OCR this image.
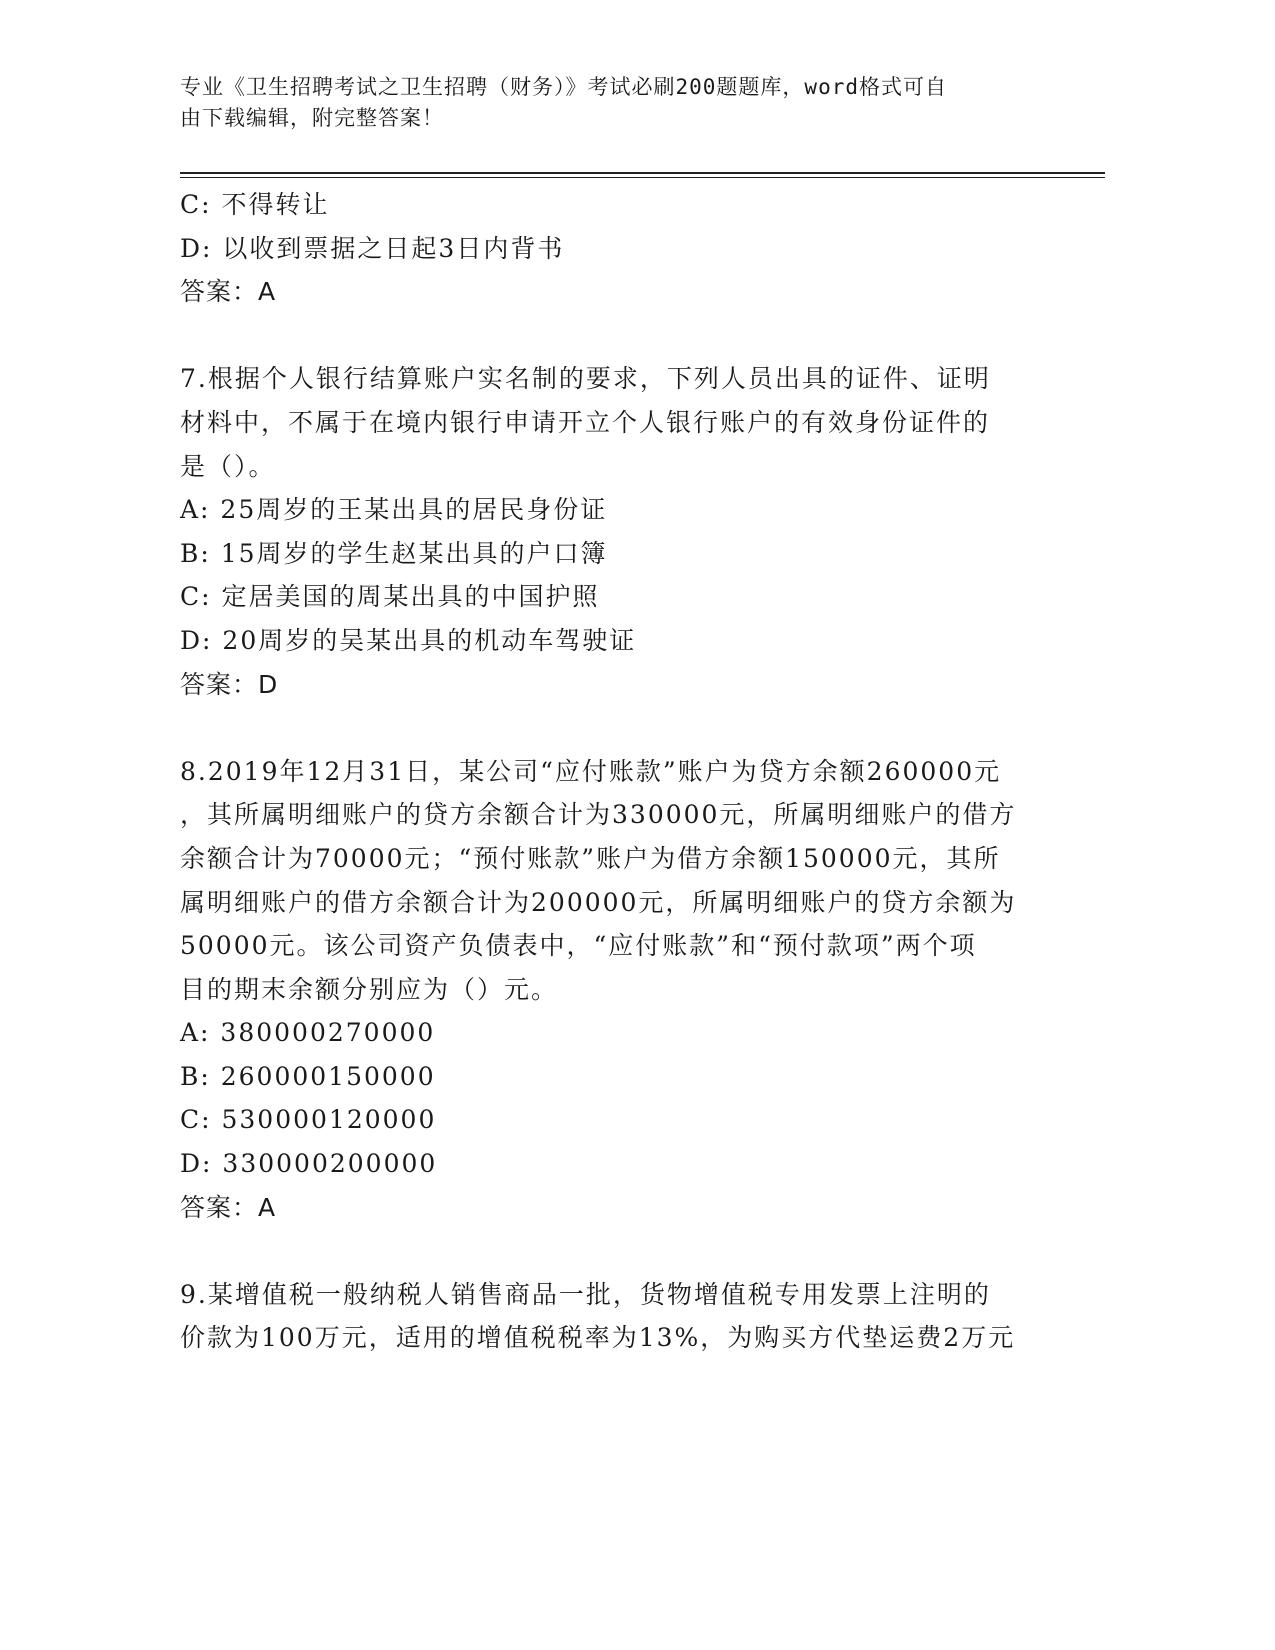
专业《卫生招聘考试之卫生招聘（财务）》考试必刷200题题库，word格式可自
由下载编辑，附完整答案！
C: 不得转让
D: 以收到票据之日起3日内背书
答案：A
7.根据个人银行结算账户实名制的要求，下列人员出具的证件、证明
材料中，不属于在境内银行申请开立个人银行账户的有效身份证件的
是（）。
A: 25周岁的王某出具的居民身份证
B: 15周岁的学生赵某出具的户口簿
C: 定居美国的周某出具的中国护照
D: 20周岁的吴某出具的机动车驾驶证
答案：D
8.2019年12月31日，某公司“应付账款”账户为贷方余额260000元
，其所属明细账户的贷方余额合计为330000元，所属明细账户的借方
余额合计为70000元；“预付账款”账户为借方余额150000元，其所
属明细账户的借方余额合计为200000元，所属明细账户的贷方余额为
50000元。该公司资产负债表中，“应付账款”和“预付款项”两个项
目的期末余额分别应为（）元。
A: 380000270000
B: 260000150000
C: 530000120000
D: 330000200000
答案：A
9.某增值税一般纳税人销售商品一批，货物增值税专用发票上注明的
价款为100万元，适用的增值税税率为13%，为购买方代垫运费2万元
